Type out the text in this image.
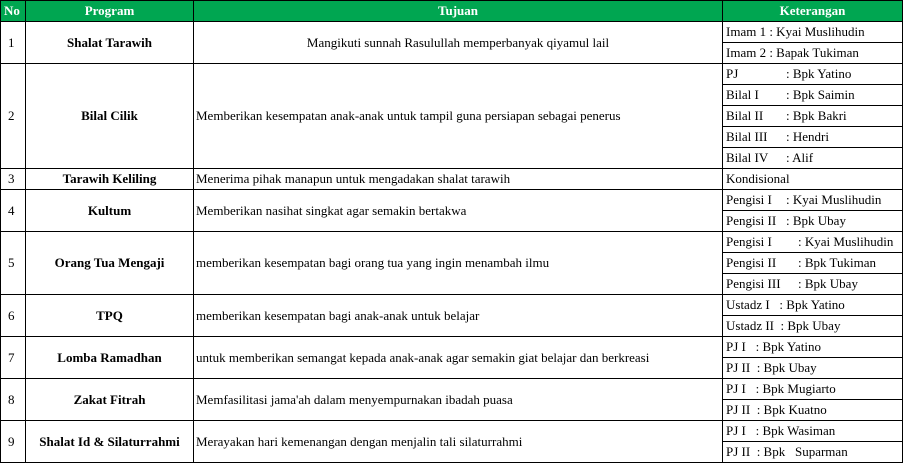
No	Program	Tujuan	Keterangan
1	Shalat Tarawih	Mangikuti sunnah Rasulullah memperbanyak qiyamul lail	Imam 1 : Kyai Muslihudin
Imam 2 : Bapak Tukiman

2	Bilal Cilik	Memberikan kesempatan anak-anak untuk tampil guna persiapan sebagai penerus	PJ : Bpk Yatino
Bilal I : Bpk Saimin
Bilal II : Bpk Bakri
Bilal III : Hendri
Bilal IV : Alif

3	Tarawih Keliling	Menerima pihak manapun untuk mengadakan shalat tarawih	Kondisional

4	Kultum	Memberikan nasihat singkat agar semakin bertakwa	Pengisi I : Kyai Muslihudin
Pengisi II : Bpk Ubay

5	Orang Tua Mengaji	memberikan kesempatan bagi orang tua yang ingin menambah ilmu	Pengisi I : Kyai Muslihudin
Pengisi II : Bpk Tukiman
Pengisi III : Bpk Ubay

6	TPQ	memberikan kesempatan bagi anak-anak untuk belajar	Ustadz I   : Bpk Yatino
Ustadz II  : Bpk Ubay

7	Lomba Ramadhan	untuk memberikan semangat kepada anak-anak agar semakin giat belajar dan berkreasi	PJ I   : Bpk Yatino
PJ II  : Bpk Ubay

8	Zakat Fitrah	Memfasilitasi jama'ah dalam menyempurnakan ibadah puasa	PJ I   : Bpk Mugiarto
PJ II  : Bpk Kuatno

9	Shalat Id & Silaturrahmi	Merayakan hari kemenangan dengan menjalin tali silaturrahmi	PJ I   : Bpk Wasiman
PJ II  : Bpk   Suparman
